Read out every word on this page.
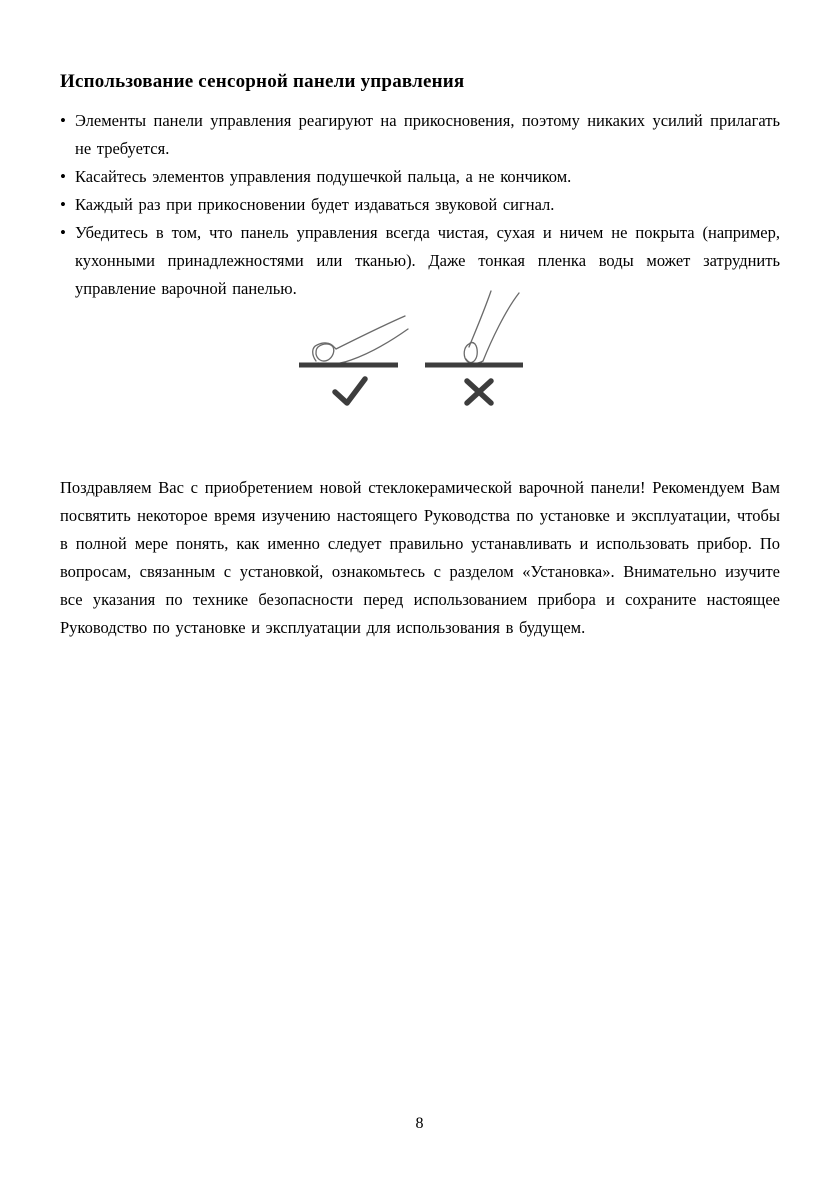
Использование сенсорной панели управления
• Элементы панели управления реагируют на прикосновения, поэтому никаких усилий прилагать не требуется.
• Касайтесь элементов управления подушечкой пальца, а не кончиком.
• Каждый раз при прикосновении будет издаваться звуковой сигнал.
• Убедитесь в том, что панель управления всегда чистая, сухая и ничем не покрыта (например, кухонными принадлежностями или тканью). Даже тонкая пленка воды может затруднить управление варочной панелью.

Поздравляем Вас с приобретением новой стеклокерамической варочной панели! Рекомендуем Вам посвятить некоторое время изучению настоящего Руководства по установке и эксплуатации, чтобы в полной мере понять, как именно следует правильно устанавливать и использовать прибор. По вопросам, связанным с установкой, ознакомьтесь с разделом «Установка». Внимательно изучите все указания по технике безопасности перед использованием прибора и сохраните настоящее Руководство по установке и эксплуатации для использования в будущем.

8
